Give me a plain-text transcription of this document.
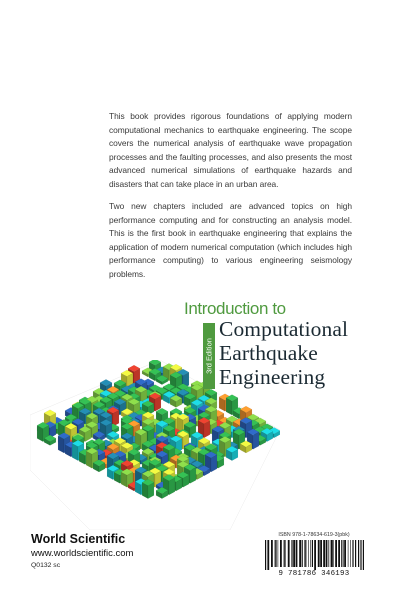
This book provides rigorous foundations of applying modern computational mechanics to earthquake engineering. The scope covers the numerical analysis of earthquake wave propagation processes and the faulting processes, and also presents the most advanced numerical simulations of earthquake hazards and disasters that can take place in an urban area.

Two new chapters included are advanced topics on high performance computing and for constructing an analysis model. This is the first book in earthquake engineering that explains the application of modern numerical computation (which includes high performance computing) to various engineering seismology problems.

Introduction to
3rd Edition
Computational
Earthquake
Engineering
World Scientific
www.worldscientific.com
Q0132 sc
ISBN 978-1-78634-619-3(pbk)
9 781786 346193
